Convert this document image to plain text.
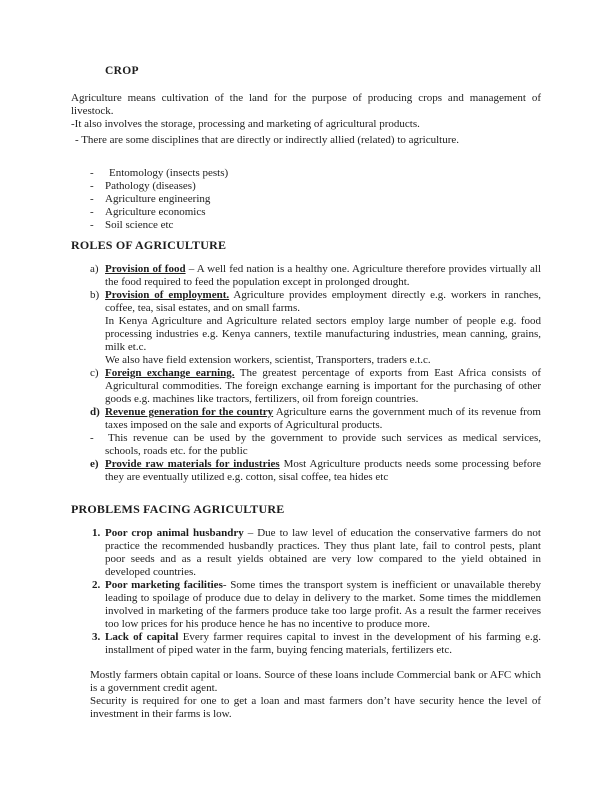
CROP
Agriculture means cultivation of the land for the purpose of producing crops and management of livestock.
-It also involves the storage, processing and marketing of agricultural products.
- There are some disciplines that are directly or indirectly allied (related) to agriculture.
- Entomology (insects pests)
- Pathology (diseases)
- Agriculture engineering
- Agriculture economics
- Soil science etc
ROLES OF AGRICULTURE
a) Provision of food – A well fed nation is a healthy one. Agriculture therefore provides virtually all the food required to feed the population except in prolonged drought.
b) Provision of employment. Agriculture provides employment directly e.g. workers in ranches, coffee, tea, sisal estates, and on small farms.
In Kenya Agriculture and Agriculture related sectors employ large number of people e.g. food processing industries e.g. Kenya canners, textile manufacturing industries, mean canning, grains, milk et.c.
We also have field extension workers, scientist, Transporters, traders e.t.c.
c) Foreign exchange earning. The greatest percentage of exports from East Africa consists of Agricultural commodities. The foreign exchange earning is important for the purchasing of other goods e.g. machines like tractors, fertilizers, oil from foreign countries.
d) Revenue generation for the country Agriculture earns the government much of its revenue from taxes imposed on the sale and exports of Agricultural products.
- This revenue can be used by the government to provide such services as medical services, schools, roads etc. for the public
e) Provide raw materials for industries Most Agriculture products needs some processing before they are eventually utilized e.g. cotton, sisal coffee, tea hides etc
PROBLEMS FACING AGRICULTURE
1. Poor crop animal husbandry – Due to law level of education the conservative farmers do not practice the recommended husbandly practices. They thus plant late, fail to control pests, plant poor seeds and as a result yields obtained are very low compared to the yield obtained in developed countries.
2. Poor marketing facilities- Some times the transport system is inefficient or unavailable thereby leading to spoilage of produce due to delay in delivery to the market. Some times the middlemen involved in marketing of the farmers produce take too large profit. As a result the farmer receives too low prices for his produce hence he has no incentive to produce more.
3. Lack of capital Every farmer requires capital to invest in the development of his farming e.g. installment of piped water in the farm, buying fencing materials, fertilizers etc.
Mostly farmers obtain capital or loans. Source of these loans include Commercial bank or AFC which is a government credit agent.
Security is required for one to get a loan and mast farmers don’t have security hence the level of investment in their farms is low.
